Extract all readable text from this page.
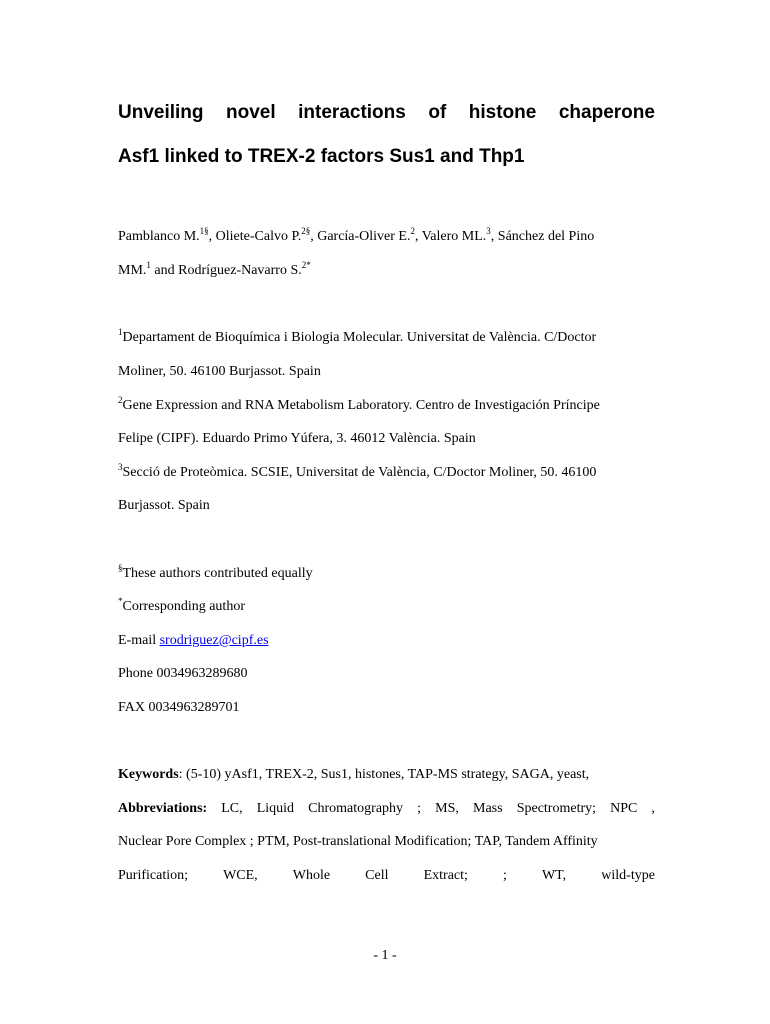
Unveiling novel interactions of histone chaperone
Asf1 linked to TREX-2 factors Sus1 and Thp1
Pamblanco M.$^{1\S}$, Oliete-Calvo P.$^{2\S}$, García-Oliver E.$^2$, Valero ML.$^3$, Sánchez del Pino
MM.$^1$ and Rodríguez-Navarro S.$^{2*}$
$^1$Departament de Bioquímica i Biologia Molecular. Universitat de València. C/Doctor
Moliner, 50. 46100 Burjassot. Spain
$^2$Gene Expression and RNA Metabolism Laboratory. Centro de Investigación Príncipe
Felipe (CIPF). Eduardo Primo Yúfera, 3. 46012 València. Spain
$^3$Secció de Proteòmica. SCSIE, Universitat de València, C/Doctor Moliner, 50. 46100
Burjassot. Spain
§These authors contributed equally
*Corresponding author
E-mail srodriguez@cipf.es
Phone 0034963289680
FAX 0034963289701
Keywords: (5-10) yAsf1, TREX-2, Sus1, histones, TAP-MS strategy, SAGA, yeast,
Abbreviations: LC, Liquid Chromatography ; MS, Mass Spectrometry; NPC ,
Nuclear Pore Complex ; PTM, Post-translational Modification; TAP, Tandem Affinity
Purification;	WCE,	Whole	Cell	Extract;	;	WT,	wild-type
- 1 -
